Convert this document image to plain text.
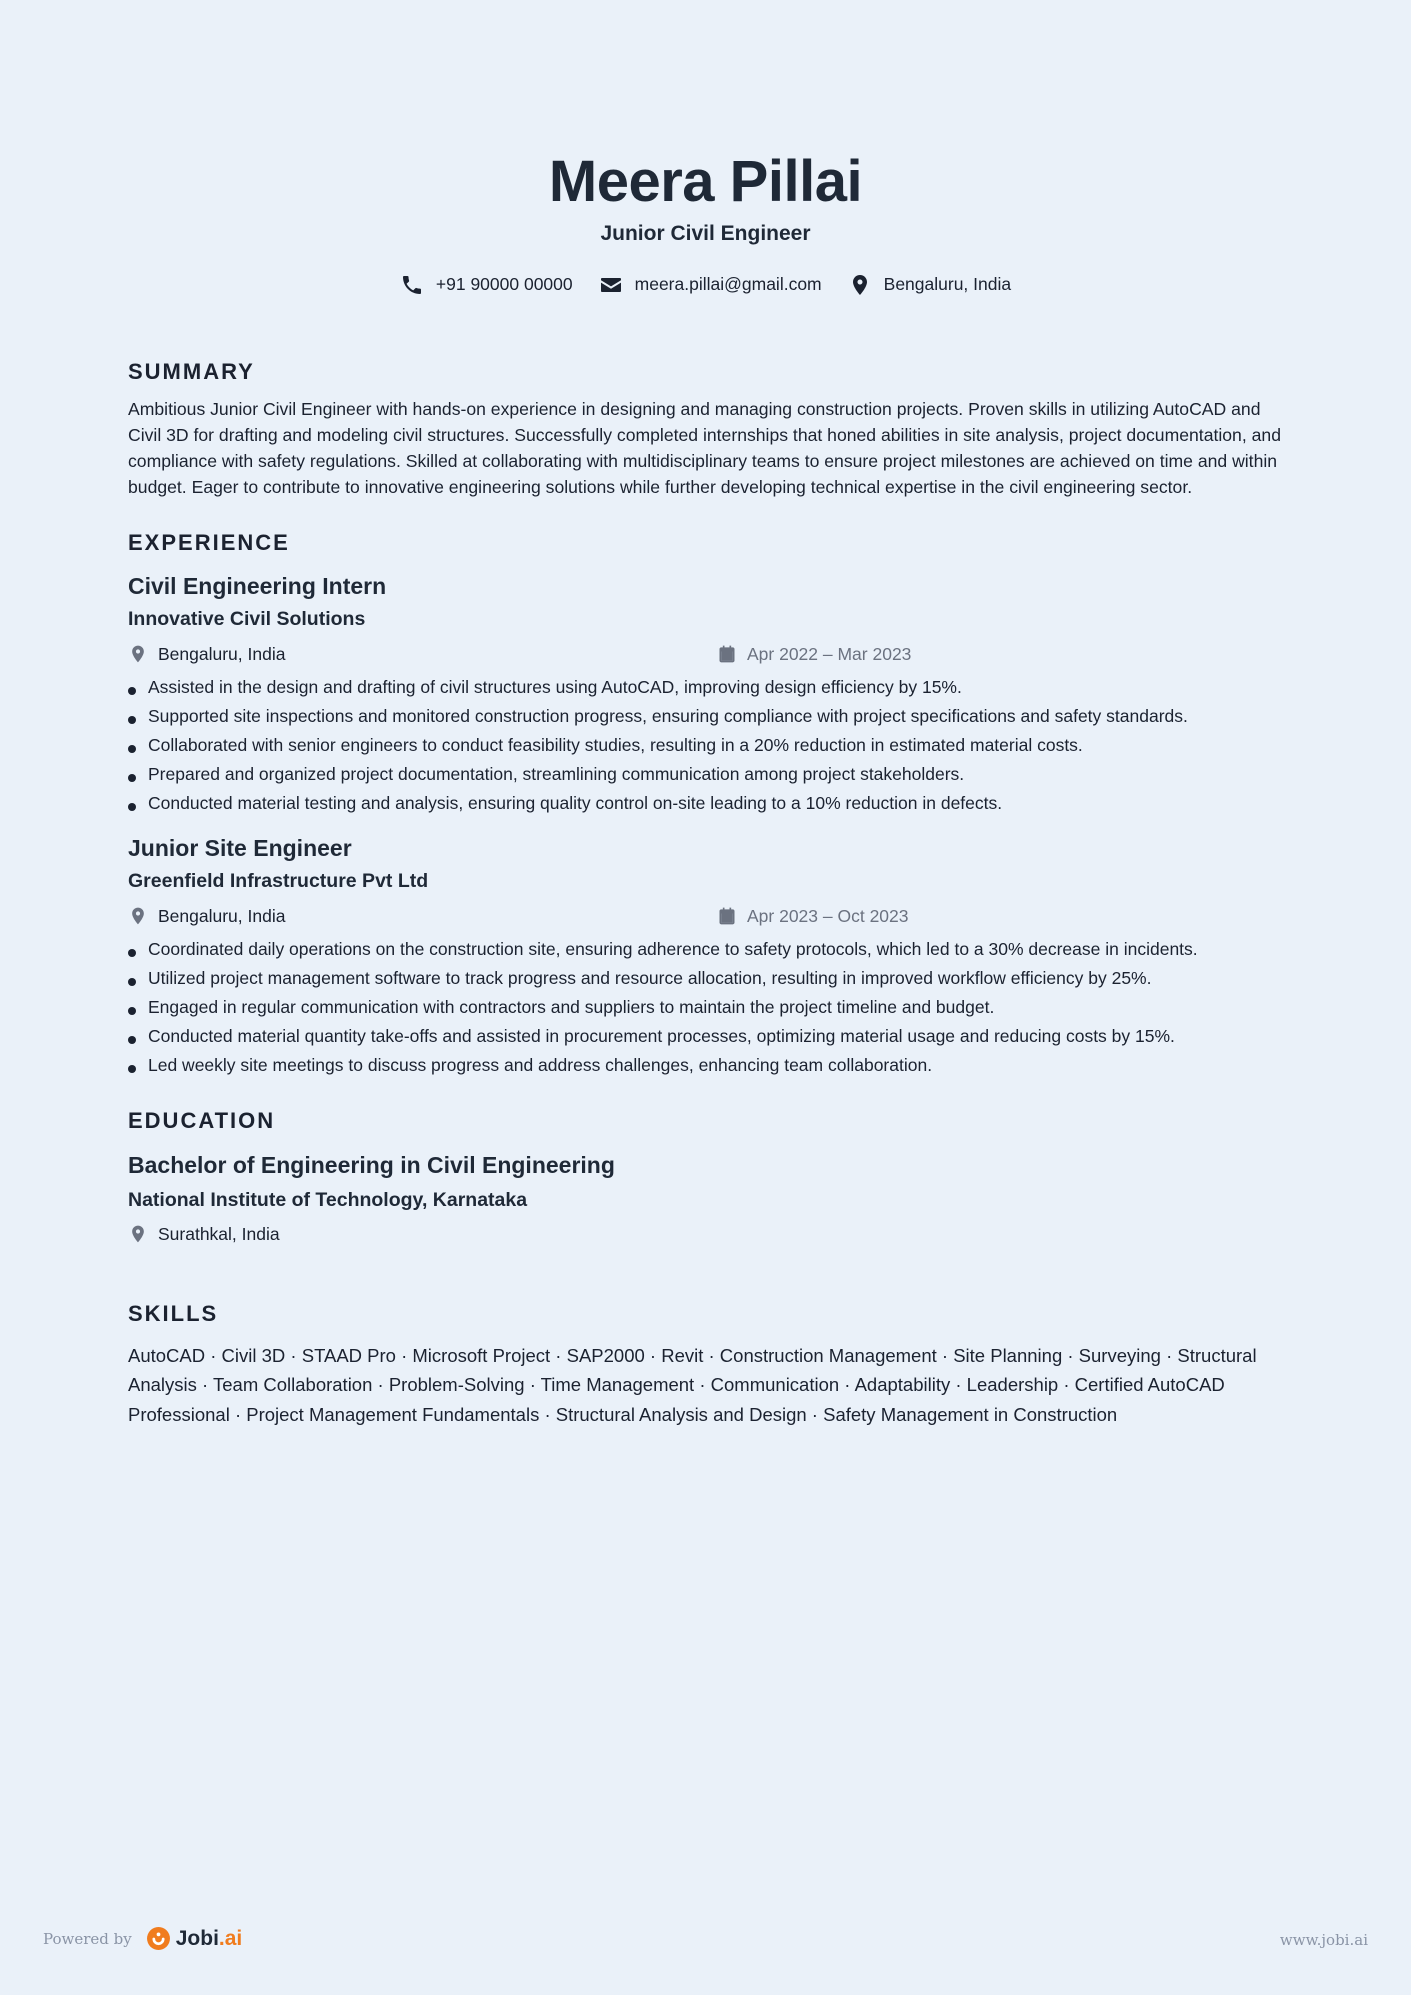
Meera Pillai
Junior Civil Engineer
+91 90000 00000	meera.pillai@gmail.com	Bengaluru, India
SUMMARY

Ambitious Junior Civil Engineer with hands-on experience in designing and managing construction projects. Proven skills in utilizing AutoCAD and Civil 3D for drafting and modeling civil structures. Successfully completed internships that honed abilities in site analysis, project documentation, and compliance with safety regulations. Skilled at collaborating with multidisciplinary teams to ensure project milestones are achieved on time and within budget. Eager to contribute to innovative engineering solutions while further developing technical expertise in the civil engineering sector.

EXPERIENCE
Civil Engineering Intern
Innovative Civil Solutions
Bengaluru, India	Apr 2022 – Mar 2023
Assisted in the design and drafting of civil structures using AutoCAD, improving design efficiency by 15%.
Supported site inspections and monitored construction progress, ensuring compliance with project specifications and safety standards.
Collaborated with senior engineers to conduct feasibility studies, resulting in a 20% reduction in estimated material costs.
Prepared and organized project documentation, streamlining communication among project stakeholders.
Conducted material testing and analysis, ensuring quality control on-site leading to a 10% reduction in defects.
Junior Site Engineer
Greenfield Infrastructure Pvt Ltd
Bengaluru, India	Apr 2023 – Oct 2023
Coordinated daily operations on the construction site, ensuring adherence to safety protocols, which led to a 30% decrease in incidents.
Utilized project management software to track progress and resource allocation, resulting in improved workflow efficiency by 25%.
Engaged in regular communication with contractors and suppliers to maintain the project timeline and budget.
Conducted material quantity take-offs and assisted in procurement processes, optimizing material usage and reducing costs by 15%.
Led weekly site meetings to discuss progress and address challenges, enhancing team collaboration.
EDUCATION
Bachelor of Engineering in Civil Engineering
National Institute of Technology, Karnataka
Surathkal, India
SKILLS

AutoCAD · Civil 3D · STAAD Pro · Microsoft Project · SAP2000 · Revit · Construction Management · Site Planning · Surveying · Structural Analysis · Team Collaboration · Problem-Solving · Time Management · Communication · Adaptability · Leadership · Certified AutoCAD Professional · Project Management Fundamentals · Structural Analysis and Design · Safety Management in Construction

Powered by Jobi.ai	www.jobi.ai
